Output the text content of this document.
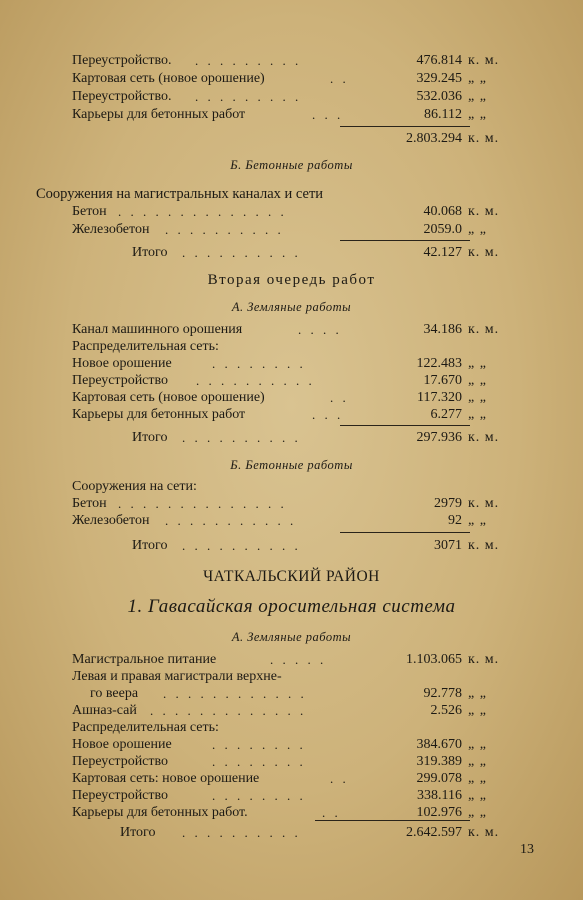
Переустройство. . . . . . . . . .	476.814 к. м.
Картовая сеть (новое орошение)	. .	329.245 „ „
Переустройство. . . . . . . . . .	532.036 „ „
Карьеры для бетонных работ	. . .	86.112 „ „
2.803.294 к. м.
Б. Бетонные работы
Сооружения на магистральных каналах и сети
Бетон . . . . . . . . . . . . . .	40.068 к. м.
Железобетон . . . . . . . . . .	2059.0 „ „
Итого . . . . . . . . . .	42.127 к. м.
Вторая очередь работ
А. Земляные работы
Канал машинного орошения	. . . .	34.186 к. м.
Распределительная сеть:
Новое орошение	. . . . . . . .	122.483 „ „
Переустройство . . . . . . . . . .	17.670 „ „
Картовая сеть (новое орошение)	. .	117.320 „ „
Карьеры для бетонных работ	. . .	6.277 „ „
Итого . . . . . . . . . .	297.936 к. м.
Б. Бетонные работы
Сооружения на сети:
Бетон . . . . . . . . . . . . . .	2979 к. м.
Железобетон . . . . . . . . . . .	92 „ „
Итого . . . . . . . . . .	3071 к. м.
ЧАТКАЛЬСКИЙ РАЙОН
1. Гавасайская оросительная система
А. Земляные работы
Магистральное питание	. . . . .	1.103.065 к. м.
Левая и правая магистрали верхне-
го веера . . . . . . . . . . . .	92.778 „ „
Ашназ-сай . . . . . . . . . . . . .	2.526 „ „
Распределительная сеть:
Новое орошение	. . . . . . . .	384.670 „ „
Переустройство	. . . . . . . .	319.389 „ „
Картовая сеть: новое орошение	. .	299.078 „ „
Переустройство	. . . . . . . .	338.116 „ „
Карьеры для бетонных работ.	. .	102.976 „ „
Итого . . . . . . . . . .	2.642.597 к. м.
13
